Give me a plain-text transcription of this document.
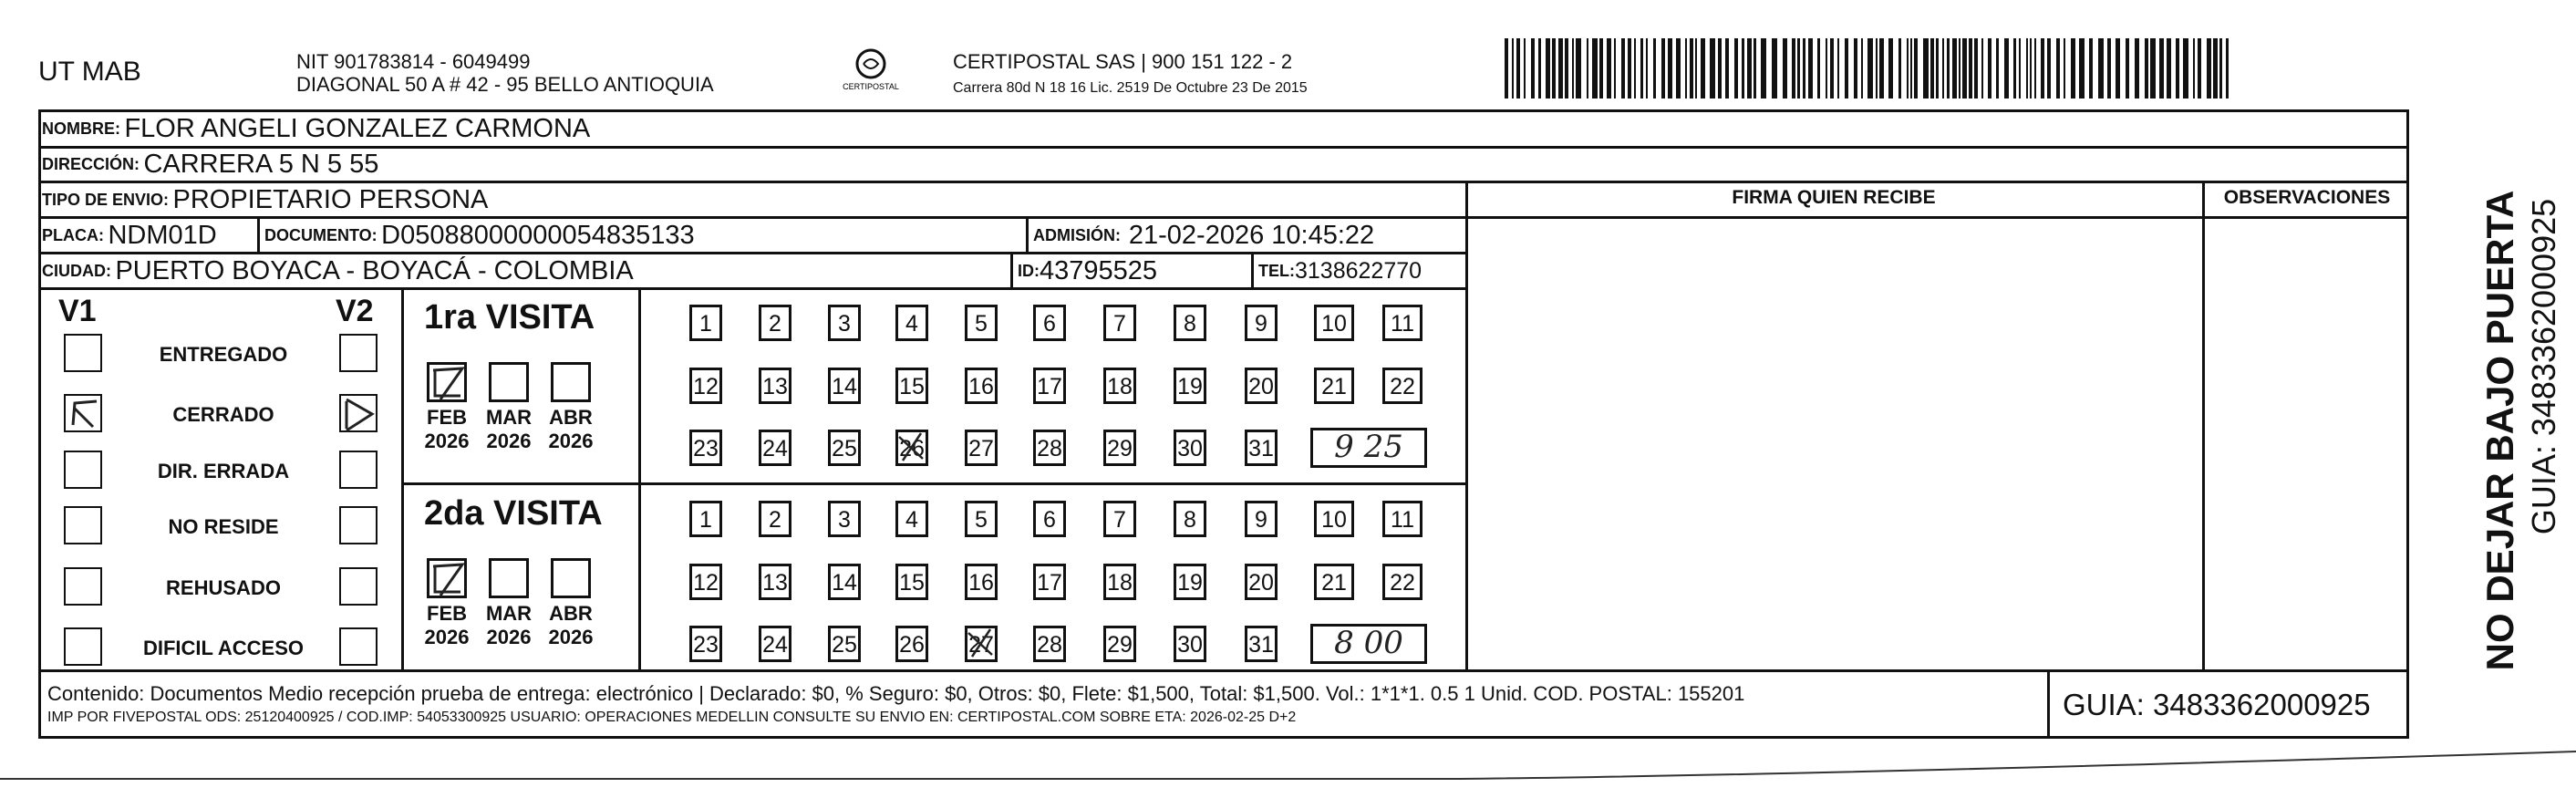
UT MAB	NIT 901783814 - 6049499
DIAGONAL 50 A # 42 - 95 BELLO ANTIOQUIA	CERTIPOSTAL
CERTIPOSTAL SAS | 900 151 122 - 2
Carrera 80d N 18 16 Lic. 2519 De Octubre 23 De 2015
NOMBRE:
FLOR ANGELI GONZALEZ CARMONA
DIRECCIÓN:
CARRERA 5 N 5 55
TIPO DE ENVIO:
PROPIETARIO PERSONA
PLACA:
NDM01D	DOCUMENTO:
D05088000000054835133	ADMISIÓN:
21-02-2026 10:45:22
CIUDAD:
PUERTO BOYACA - BOYACÁ - COLOMBIA	ID: 43795525	TEL: 3138622770
FIRMA QUIEN RECIBE	OBSERVACIONES
V1	V2
ENTREGADO
CERRADO
DIR. ERRADA
NO RESIDE
REHUSADO
DIFICIL ACCESO
1ra VISITA
FEB
2026
MAR
2026
ABR
2026
1	2	3	4	5	6	7	8	9	10	11
12 13 14 15 16 17 18 19 20	21	22
23 24 25 26 27 28 29 30 31	9 25
2da VISITA
FEB
2026
MAR
2026
ABR
2026
1	2	3	4	5	6	7	8	9	10	11
12 13 14 15 16 17 18 19 20	21	22
23 24 25 26 27 28 29 30 31	8 00
Contenido: Documentos Medio recepción prueba de entrega: electrónico | Declarado: $0, % Seguro: $0, Otros: $0, Flete: $1,500, Total: $1,500. Vol.: 1*1*1. 0.5 1 Unid. COD. POSTAL: 155201
IMP POR FIVEPOSTAL ODS: 25120400925 / COD.IMP: 54053300925 USUARIO: OPERACIONES MEDELLIN CONSULTE SU ENVIO EN: CERTIPOSTAL.COM SOBRE ETA: 2026-02-25 D+2	GUIA: 3483362000925
NO DEJAR BAJO PUERTA GUIA: 3483362000925
